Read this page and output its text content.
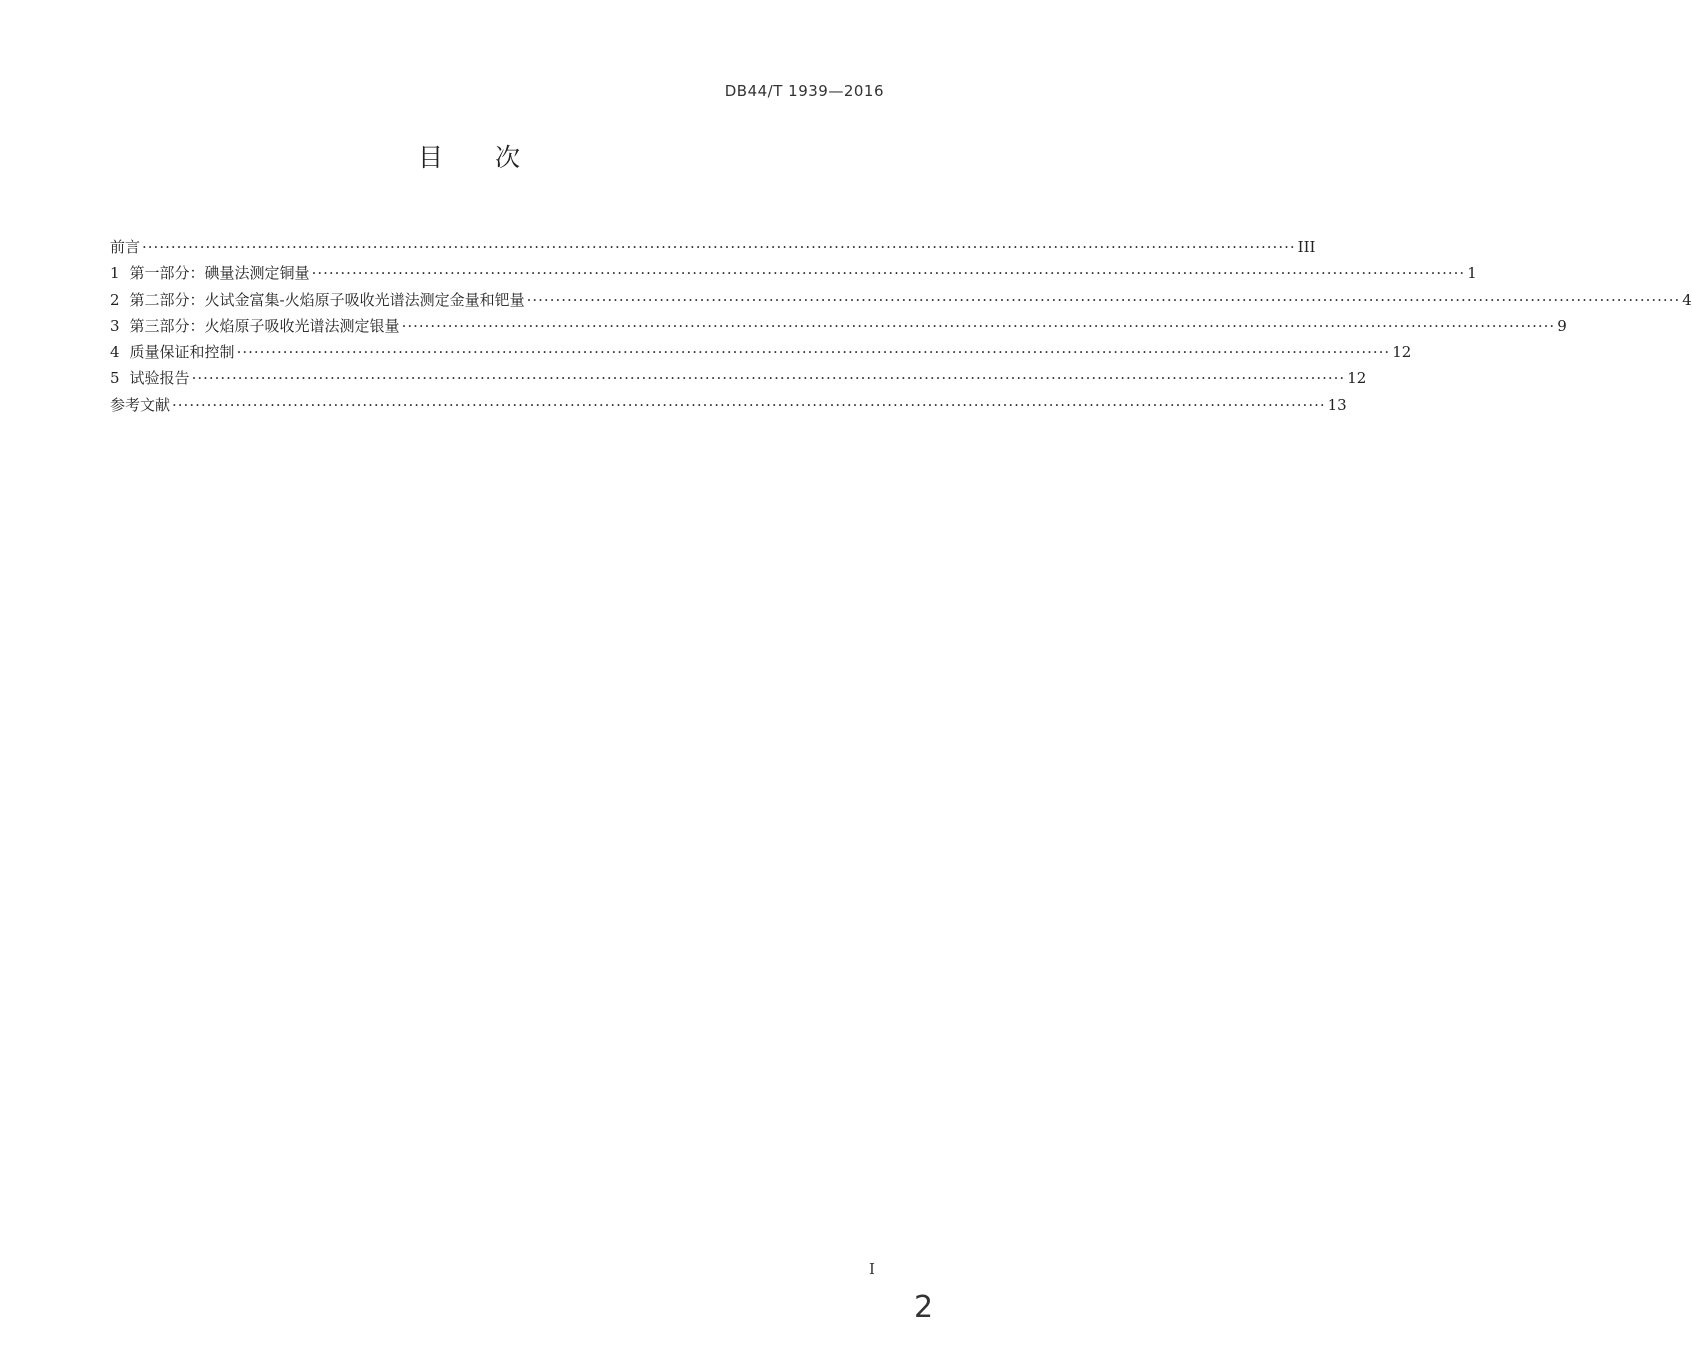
DB44/T 1939—2016
目次
前言 ········································································································································································································ III
1 第一部分：碘量法测定铜量 ········································································································································································································ 1
2 第二部分：火试金富集-火焰原子吸收光谱法测定金量和钯量 ········································································································································································································ 4
3 第三部分：火焰原子吸收光谱法测定银量 ········································································································································································································ 9
4 质量保证和控制 ········································································································································································································ 12
5 试验报告 ········································································································································································································ 12
参考文献 ········································································································································································································ 13
I
2
